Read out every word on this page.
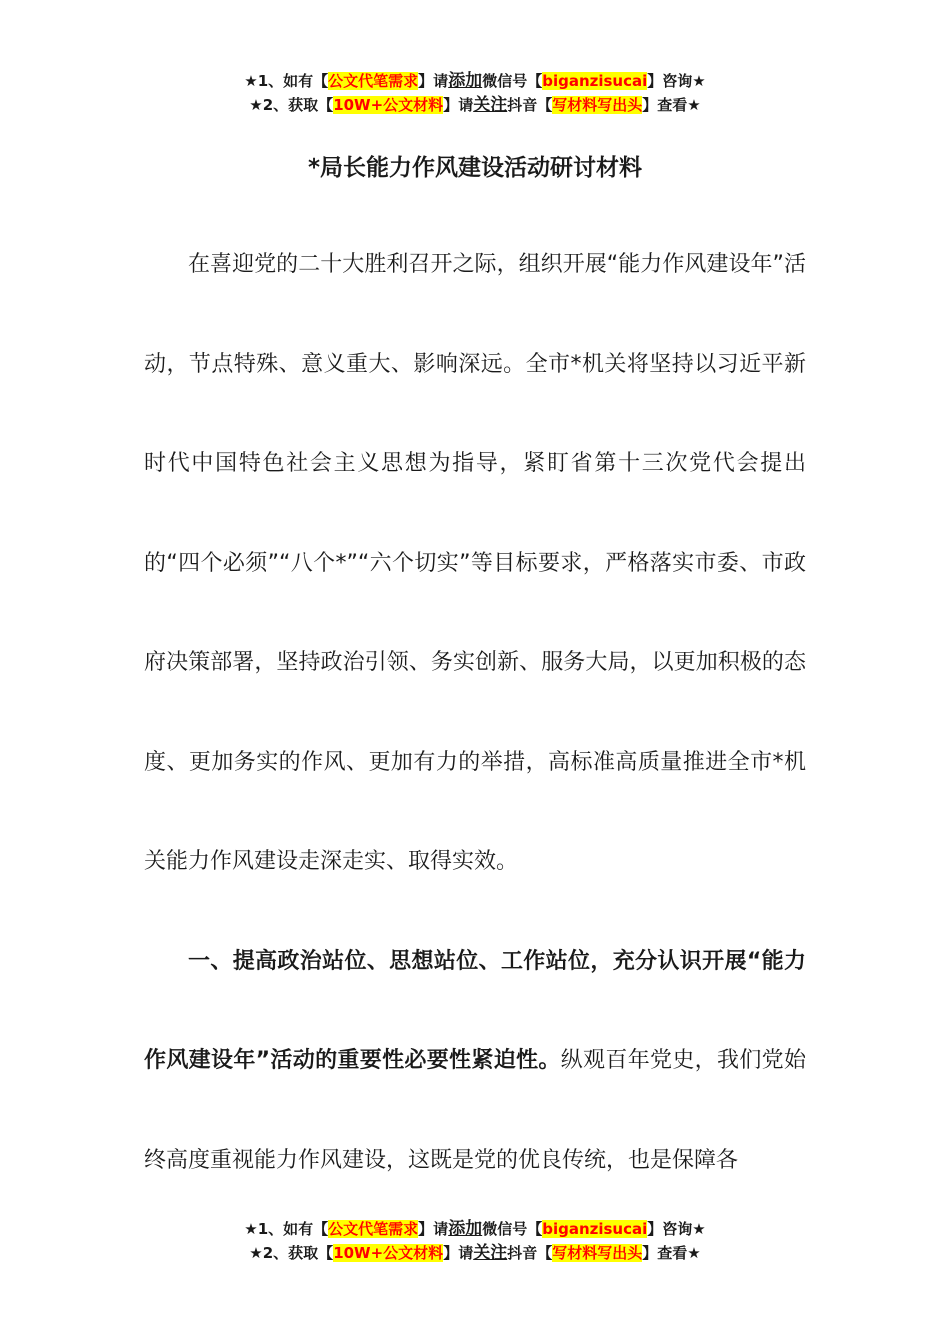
★1、如有【公文代笔需求】请添加微信号【biganzisucai】咨询★
★2、获取【10W+公文材料】请关注抖音【写材料写出头】查看★
*局长能力作风建设活动研讨材料

在喜迎党的二十大胜利召开之际，组织开展“能力作风建设年”活动，节点特殊、意义重大、影响深远。全市*机关将坚持以习近平新时代中国特色社会主义思想为指导，紧盯省第十三次党代会提出的“四个必须”“八个*”“六个切实”等目标要求，严格落实市委、市政府决策部署，坚持政治引领、务实创新、服务大局，以更加积极的态度、更加务实的作风、更加有力的举措，高标准高质量推进全市*机关能力作风建设走深走实、取得实效。

一、提高政治站位、思想站位、工作站位，充分认识开展“能力作风建设年”活动的重要性必要性紧迫性。纵观百年党史，我们党始终高度重视能力作风建设，这既是党的优良传统，也是保障各

★1、如有【公文代笔需求】请添加微信号【biganzisucai】咨询★
★2、获取【10W+公文材料】请关注抖音【写材料写出头】查看★
